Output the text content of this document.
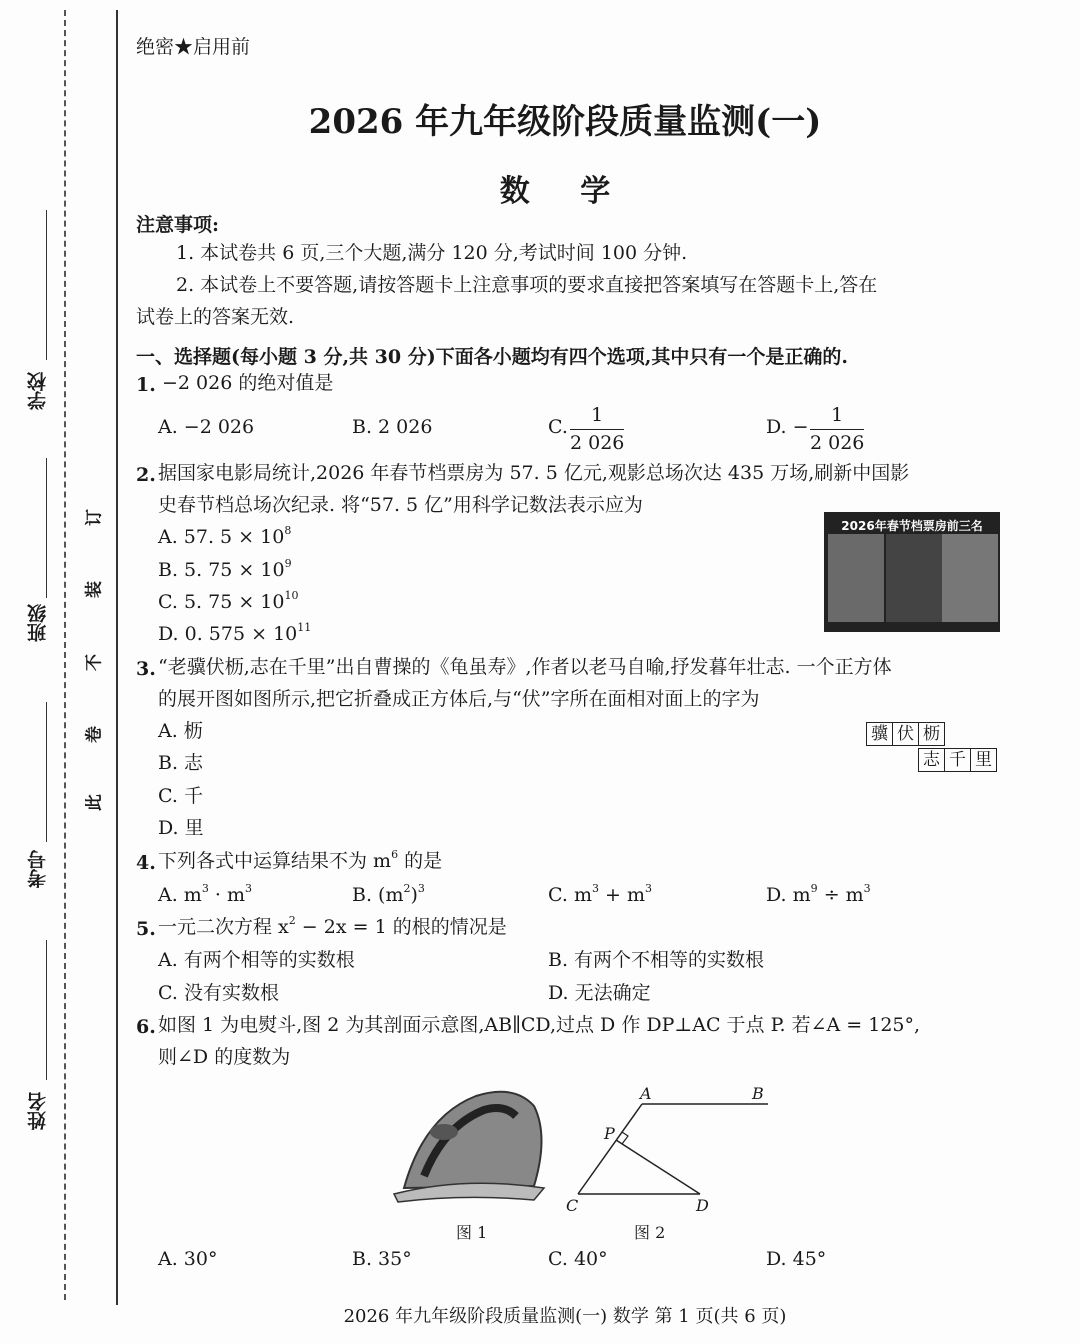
学校
班级
考号
姓名
订
装
不
卷
此
绝密★启用前
2026 年九年级阶段质量监测(一)
数 学
注意事项:
1. 本试卷共 6 页,三个大题,满分 120 分,考试时间 100 分钟.
2. 本试卷上不要答题,请按答题卡上注意事项的要求直接把答案填写在答题卡上,答在
试卷上的答案无效.
一、选择题(每小题 3 分,共 30 分)下面各小题均有四个选项,其中只有一个是正确的.
1. −2 026 的绝对值是
A. −2 026	B. 2 026	C. $\frac{1}{2 026}$	D. − $\frac{1}{2 026}$
2. 据国家电影局统计,2026 年春节档票房为 57. 5 亿元,观影总场次达 435 万场,刷新中国影
史春节档总场次纪录. 将“57. 5 亿”用科学记数法表示应为
A. 57. $5 \times 10^8$
B. 5. $75 \times 10^9$
C. 5. $75 \times 10^{10}$
D. 0. $575 \times 10^{11}$
2026年春节档票房前三名
3. “老骥伏枥,志在千里”出自曹操的《龟虽寿》,作者以老马自喻,抒发暮年壮志. 一个正方体
的展开图如图所示,把它折叠成正方体后,与“伏”字所在面相对面上的字为
A. 枥
B. 志
C. 千
D. 里
骥 伏 枥
志 千 里
4. 下列各式中运算结果不为 $m^6$ 的是
A. $m^3 \cdot m^3$	B. $(m^2)^3$	C. $m^3 + m^3$	D. $m^9 \div m^3$
5. 一元二次方程 $x^2 - 2x = 1$ 的根的情况是
A. 有两个相等的实数根	B. 有两个不相等的实数根
C. 没有实数根	D. 无法确定
6. 如图 1 为电熨斗,图 2 为其剖面示意图,AB∥CD,过点 D 作 DP⊥AC 于点 P. 若∠A = 125°,
则∠D 的度数为
图 1
A	B
P
C	D
图 2
A. 30°	B. 35°	C. 40°	D. 45°
2026 年九年级阶段质量监测(一) 数学 第 1 页(共 6 页)
